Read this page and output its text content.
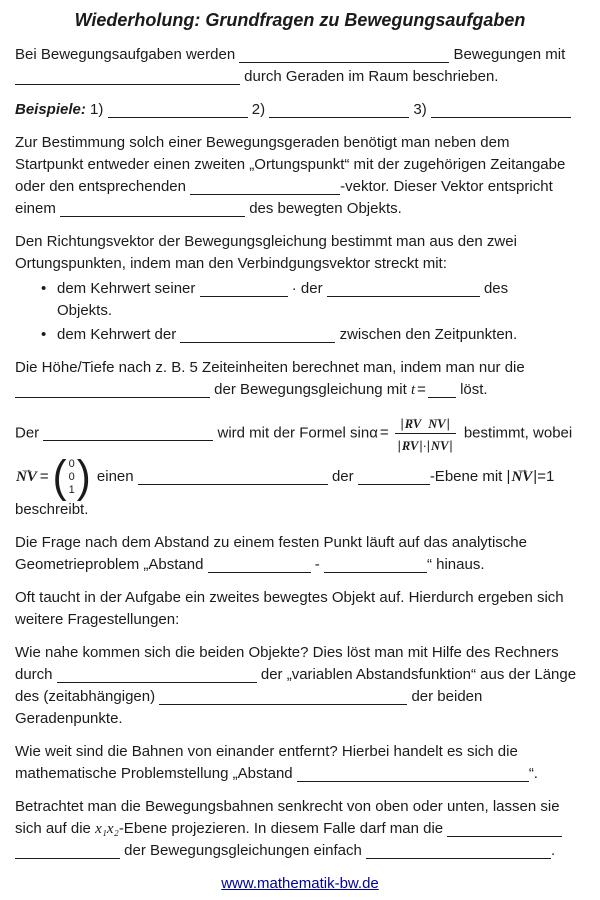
Wiederholung: Grundfragen zu Bewegungsaufgaben
Bei Bewegungsaufgaben werden	Bewegungen mit
durch Geraden im Raum beschrieben.
Beispiele: 1)	2)	3)
Zur Bestimmung solch einer Bewegungsgeraden benötigt man neben dem
Startpunkt entweder einen zweiten „Ortungspunkt“ mit der zugehörigen Zeitangabe
oder den entsprechenden	-vektor. Dieser Vektor entspricht
einem	des bewegten Objekts.
Den Richtungsvektor der Bewegungsgleichung bestimmt man aus den zwei
Ortungspunkten, indem man den Verbindgungsvektor streckt mit:
• dem Kehrwert seiner	· der	des
Objekts.
• dem Kehrwert der	zwischen den Zeitpunkten.
Die Höhe/Tiefe nach z. B. 5 Zeiteinheiten berechnet man, indem man nur die
der Bewegungsgleichung mit t = löst.
Der	wird mit der Formel $\sin\alpha = \frac{|\to RV \to NV|}{|\to RV|\cdot|\to NV|}$ bestimmt, wobei
→ NV = ( 0
0
1 ) einen	der	-Ebene mit |→ NV|=1
beschreibt.
Die Frage nach dem Abstand zu einem festen Punkt läuft auf das analytische
Geometrieproblem „Abstand	-	“ hinaus.
Oft taucht in der Aufgabe ein zweites bewegtes Objekt auf. Hierdurch ergeben sich
weitere Fragestellungen:
Wie nahe kommen sich die beiden Objekte? Dies löst man mit Hilfe des Rechners
durch	der „variablen Abstandsfunktion“ aus der Länge
des (zeitabhängigen)	der beiden
Geradenpunkte.
Wie weit sind die Bahnen von einander entfernt? Hierbei handelt es sich die
mathematische Problemstellung „Abstand	“.
Betrachtet man die Bewegungsbahnen senkrecht von oben oder unten, lassen sie
sich auf die x₁x₂-Ebene projezieren. In diesem Falle darf man die
der Bewegungsgleichungen einfach	.
www.mathematik-bw.de
